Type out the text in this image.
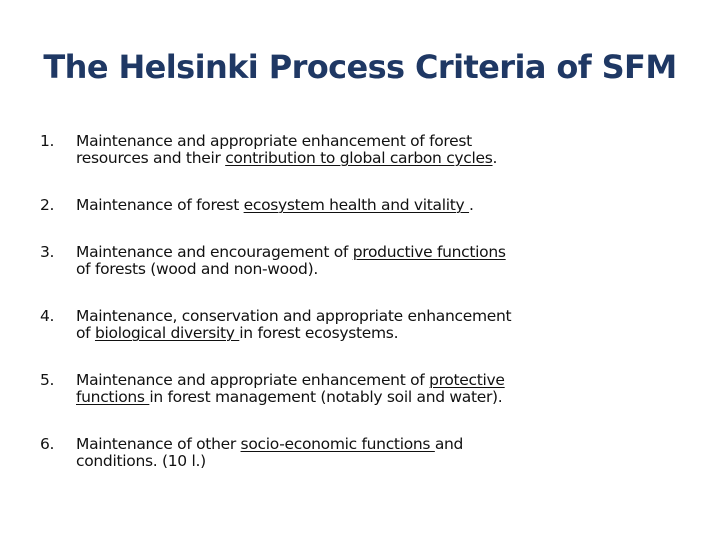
The Helsinki Process Criteria of SFM
1. Maintenance and appropriate enhancement of forest
resources and their contribution to global carbon cycles.
2. Maintenance of forest ecosystem health and vitality .
3. Maintenance and encouragement of productive functions
of forests (wood and non-wood).
4. Maintenance, conservation and appropriate enhancement
of biological diversity in forest ecosystems.
5. Maintenance and appropriate enhancement of protective
functions in forest management (notably soil and water).
6. Maintenance of other socio-economic functions and
conditions. (10 l.)
